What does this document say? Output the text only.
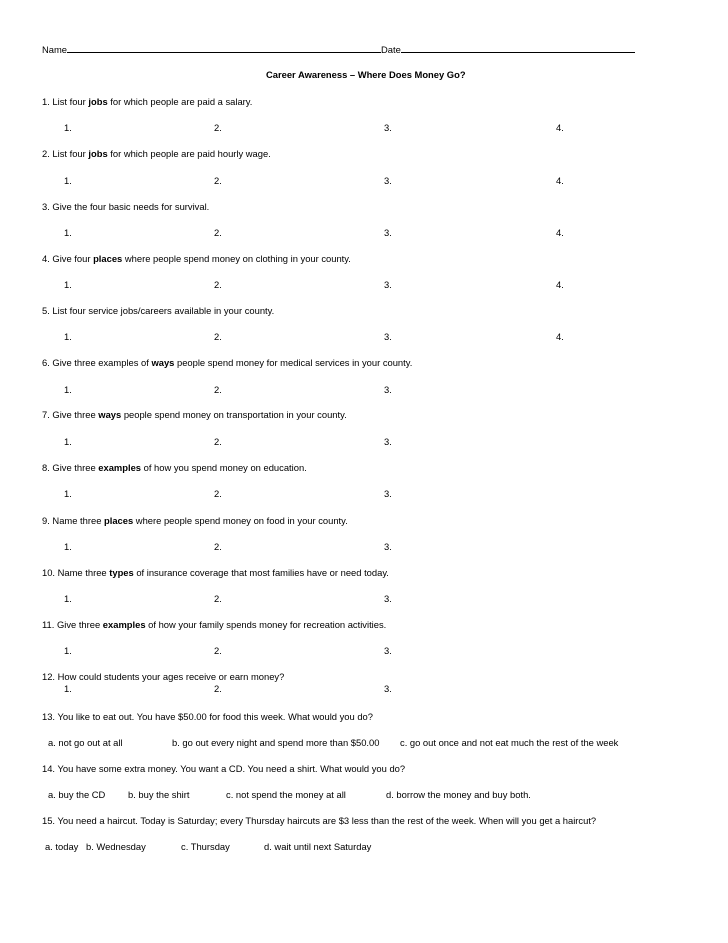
Name	Date
Career Awareness – Where Does Money Go?
1. List four jobs for which people are paid a salary.
1.	2.	3.	4.
2. List four jobs for which people are paid hourly wage.
1.	2.	3.	4.
3. Give the four basic needs for survival.
1.	2.	3.	4.
4. Give four places where people spend money on clothing in your county.
1.	2.	3.	4.
5. List four service jobs/careers available in your county.
1.	2.	3.	4.
6. Give three examples of ways people spend money for medical services in your county.
1.	2.	3.
7. Give three ways people spend money on transportation in your county.
1.	2.	3.
8. Give three examples of how you spend money on education.
1.	2.	3.
9. Name three places where people spend money on food in your county.
1.	2.	3.
10. Name three types of insurance coverage that most families have or need today.
1.	2.	3.
11. Give three examples of how your family spends money for recreation activities.
1.	2.	3.
12. How could students your ages receive or earn money?
1.	2.	3.
13. You like to eat out. You have $50.00 for food this week. What would you do?
a. not go out at all	b. go out every night and spend more than $50.00 c. go out once and not eat much the rest of the week
14. You have some extra money. You want a CD. You need a shirt. What would you do?
a. buy the CD b. buy the shirt	c. not spend the money at all	d. borrow the money and buy both.
15. You need a haircut. Today is Saturday; every Thursday haircuts are $3 less than the rest of the week. When will you get a haircut?
a. today b. Wednesday	c. Thursday	d. wait until next Saturday
